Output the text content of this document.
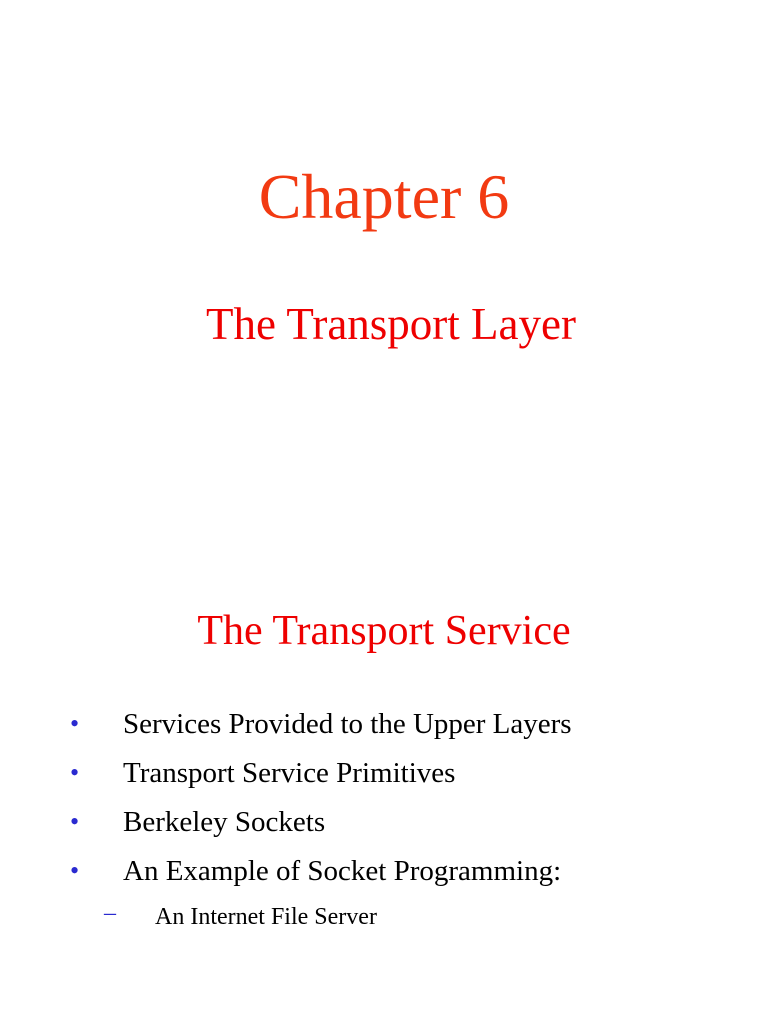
Chapter 6
The Transport Layer
The Transport Service
• Services Provided to the Upper Layers
• Transport Service Primitives
• Berkeley Sockets
• An Example of Socket Programming:
– An Internet File Server
